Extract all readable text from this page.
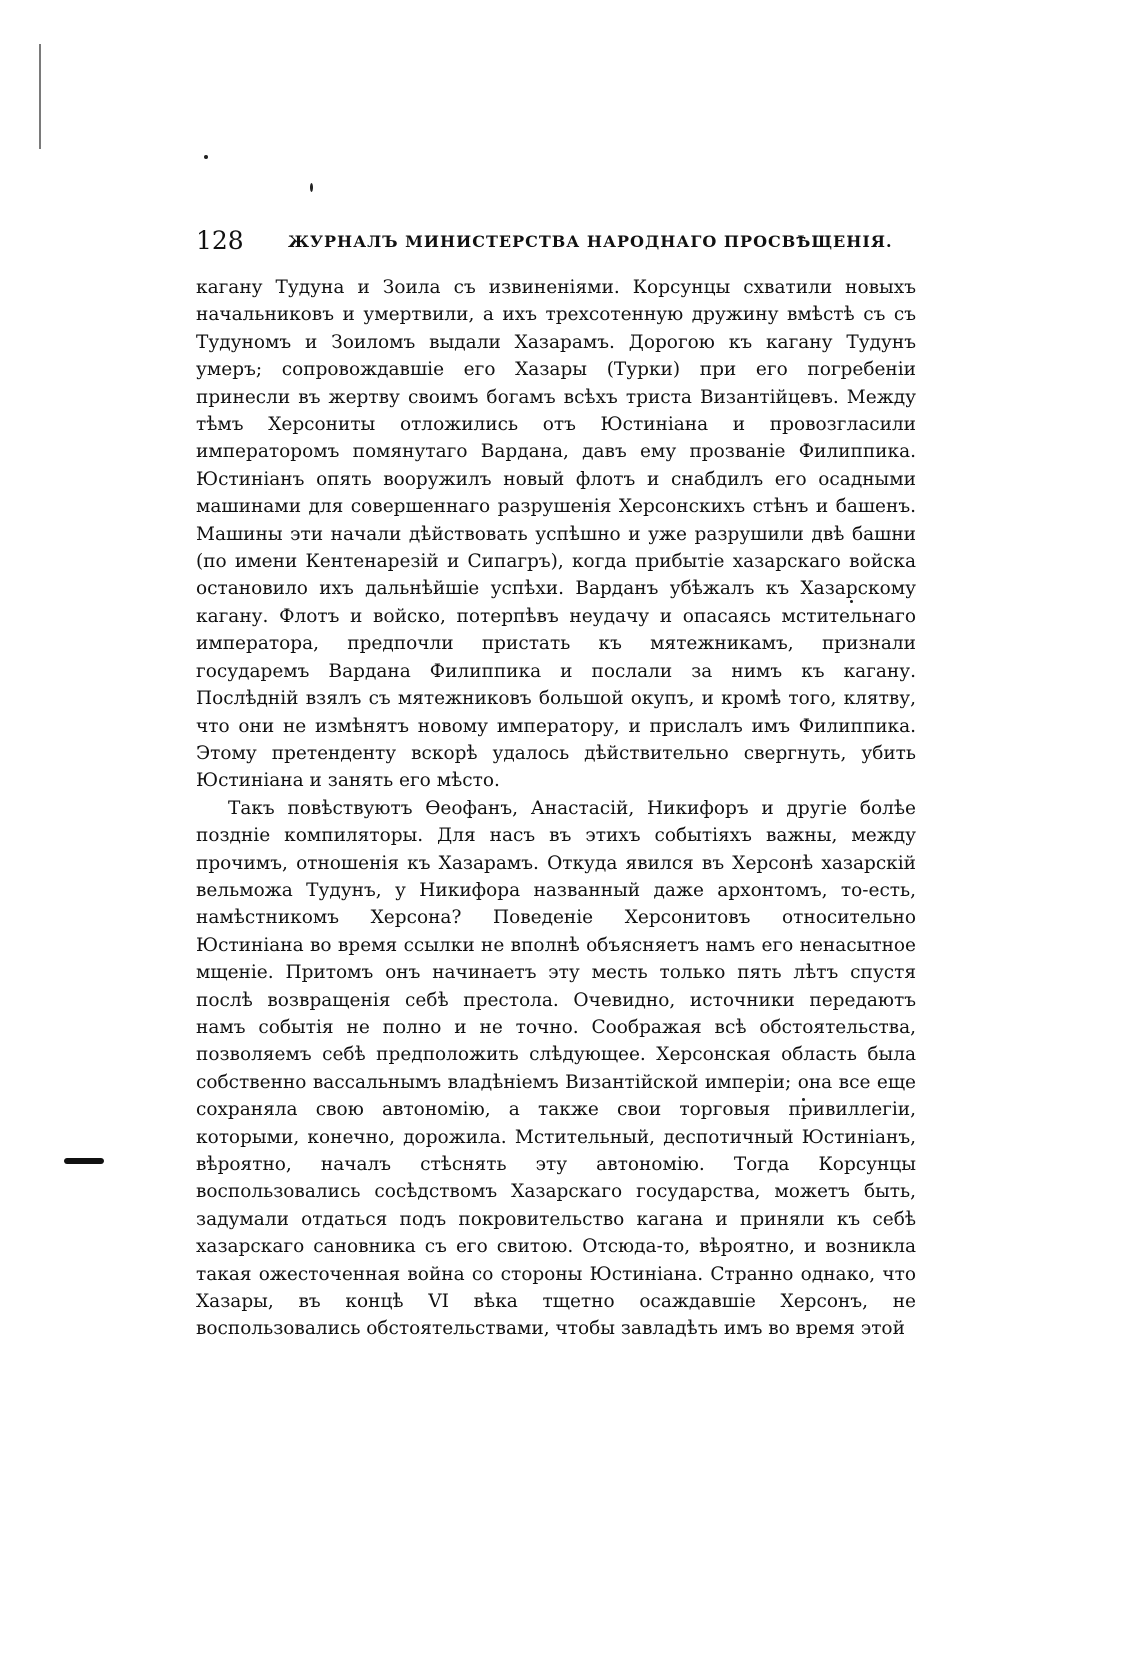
128	ЖУРНАЛЪ МИНИСТЕРСТВА НАРОДНАГО ПРОСВѢЩЕНІЯ.

кагану Тудуна и Зоила съ извиненіями. Корсунцы схватили новыхъ начальниковъ и умертвили, а ихъ трехсотенную дружину вмѣстѣ съ съ Тудуномъ и Зоиломъ выдали Хазарамъ. Дорогою къ кагану Тудунъ умеръ; сопровождавшіе его Хазары (Турки) при его погребеніи принесли въ жертву своимъ богамъ всѣхъ триста Византійцевъ. Между тѣмъ Херсониты отложились отъ Юстиніана и провозгласили императоромъ помянутаго Вардана, давъ ему прозваніе Филиппика. Юстиніанъ опять вооружилъ новый флотъ и снабдилъ его осадными машинами для совершеннаго разрушенія Херсонскихъ стѣнъ и башенъ. Машины эти начали дѣйствовать успѣшно и уже разрушили двѣ башни (по имени Кентенарезій и Сипагръ), когда прибытіе хазарскаго войска остановило ихъ дальнѣйшіе успѣхи. Варданъ убѣжалъ къ Хазарскому кагану. Флотъ и войско, потерпѣвъ неудачу и опасаясь мстительнаго императора, предпочли пристать къ мятежникамъ, признали государемъ Вардана Филиппика и послали за нимъ къ кагану. Послѣдній взялъ съ мятежниковъ большой окупъ, и кромѣ того, клятву, что они не измѣнятъ новому императору, и прислалъ имъ Филиппика. Этому претенденту вскорѣ удалось дѣйствительно свергнуть, убить Юстиніана и занять его мѣсто.

Такъ повѣствуютъ Ѳеофанъ, Анастасій, Никифоръ и другіе болѣе поздніе компиляторы. Для насъ въ этихъ событіяхъ важны, между прочимъ, отношенія къ Хазарамъ. Откуда явился въ Херсонѣ хазарскій вельможа Тудунъ, у Никифора названный даже архонтомъ, то-есть, намѣстникомъ Херсона? Поведеніе Херсонитовъ относительно Юстиніана во время ссылки не вполнѣ объясняетъ намъ его ненасытное мщеніе. Притомъ онъ начинаетъ эту месть только пять лѣтъ спустя послѣ возвращенія себѣ престола. Очевидно, источники передаютъ намъ событія не полно и не точно. Соображая всѣ обстоятельства, позволяемъ себѣ предположить слѣдующее. Херсонская область была собственно вассальнымъ владѣніемъ Византійской имперіи; она все еще сохраняла свою автономію, а также свои торговыя привиллегіи, которыми, конечно, дорожила. Мстительный, деспотичный Юстиніанъ, вѣроятно, началъ стѣснять эту автономію. Тогда Корсунцы воспользовались сосѣдствомъ Хазарскаго государства, можетъ быть, задумали отдаться подъ покровительство кагана и приняли къ себѣ хазарскаго сановника съ его свитою. Отсюда-то, вѣроятно, и возникла такая ожесточенная война со стороны Юстиніана. Странно однако, что Хазары, въ концѣ VI вѣка тщетно осаждавшіе Херсонъ, не воспользовались обстоятельствами, чтобы завладѣть имъ во время этой
